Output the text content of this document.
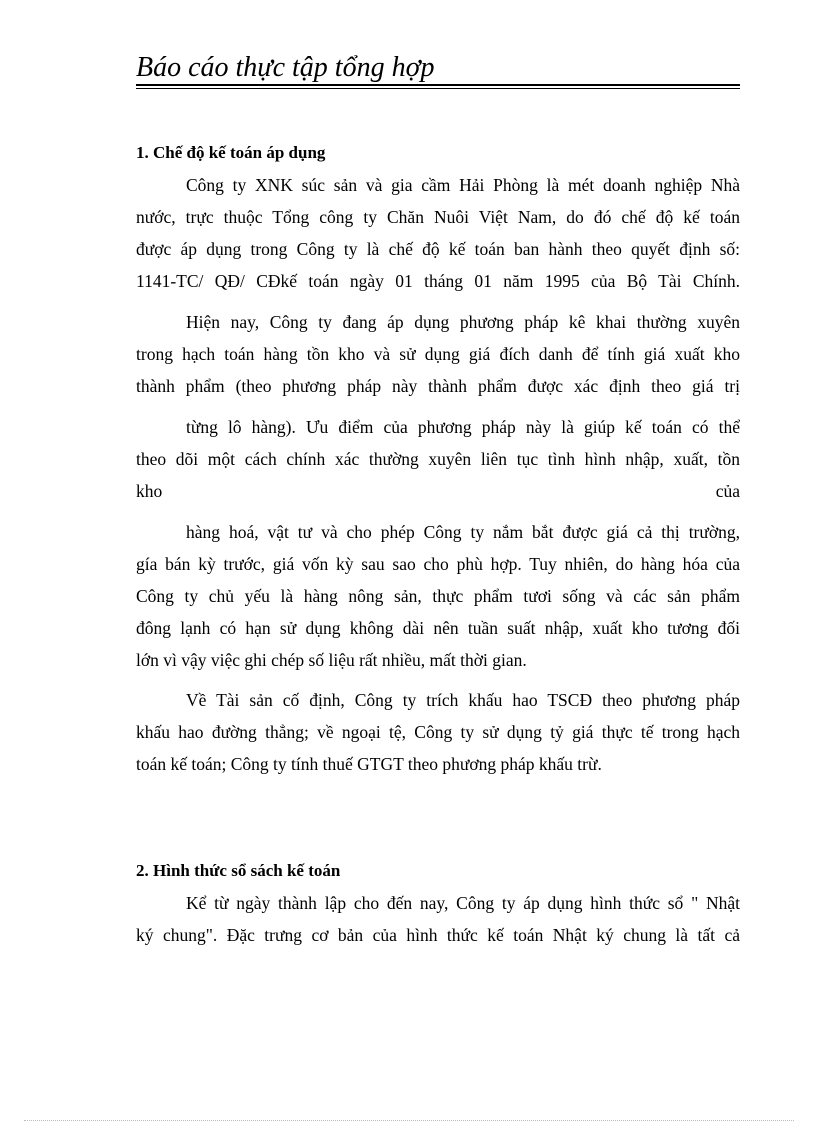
Báo cáo thực tập tổng hợp
1. Chế độ kế toán áp dụng
Công ty XNK súc sản và gia cầm Hải Phòng là mét doanh nghiệp Nhà
nước, trực thuộc Tổng công ty Chăn Nuôi Việt Nam, do đó chế độ kế toán
được áp dụng trong Công ty là chế độ kế toán ban hành theo quyết định số:
1141-TC/ QĐ/ CĐkế toán ngày 01 tháng 01 năm 1995 của Bộ Tài Chính.
Hiện nay, Công ty đang áp dụng phương pháp kê khai thường xuyên
trong hạch toán hàng tồn kho và sử dụng giá đích danh để tính giá xuất kho
thành phẩm (theo phương pháp này thành phẩm được xác định theo giá trị
từng lô hàng). Ưu điểm của phương pháp này là giúp kế toán có thể
theo dõi một cách chính xác thường xuyên liên tục tình hình nhập, xuất, tồn
kho	của
hàng hoá, vật tư và cho phép Công ty nắm bắt được giá cả thị trường,
gía bán kỳ trước, giá vốn kỳ sau sao cho phù hợp. Tuy nhiên, do hàng hóa của
Công ty chủ yếu là hàng nông sản, thực phẩm tươi sống và các sản phẩm
đông lạnh có hạn sử dụng không dài nên tuần suất nhập, xuất kho tương đối
lớn vì vậy việc ghi chép số liệu rất nhiều, mất thời gian.
Về Tài sản cố định, Công ty trích khấu hao TSCĐ theo phương pháp
khấu hao đường thẳng; về ngoại tệ, Công ty sử dụng tỷ giá thực tế trong hạch
toán kế toán; Công ty tính thuế GTGT theo phương pháp khấu trừ.
2. Hình thức sổ sách kế toán
Kể từ ngày thành lập cho đến nay, Công ty áp dụng hình thức sổ " Nhật
ký chung". Đặc trưng cơ bản của hình thức kế toán Nhật ký chung là tất cả
